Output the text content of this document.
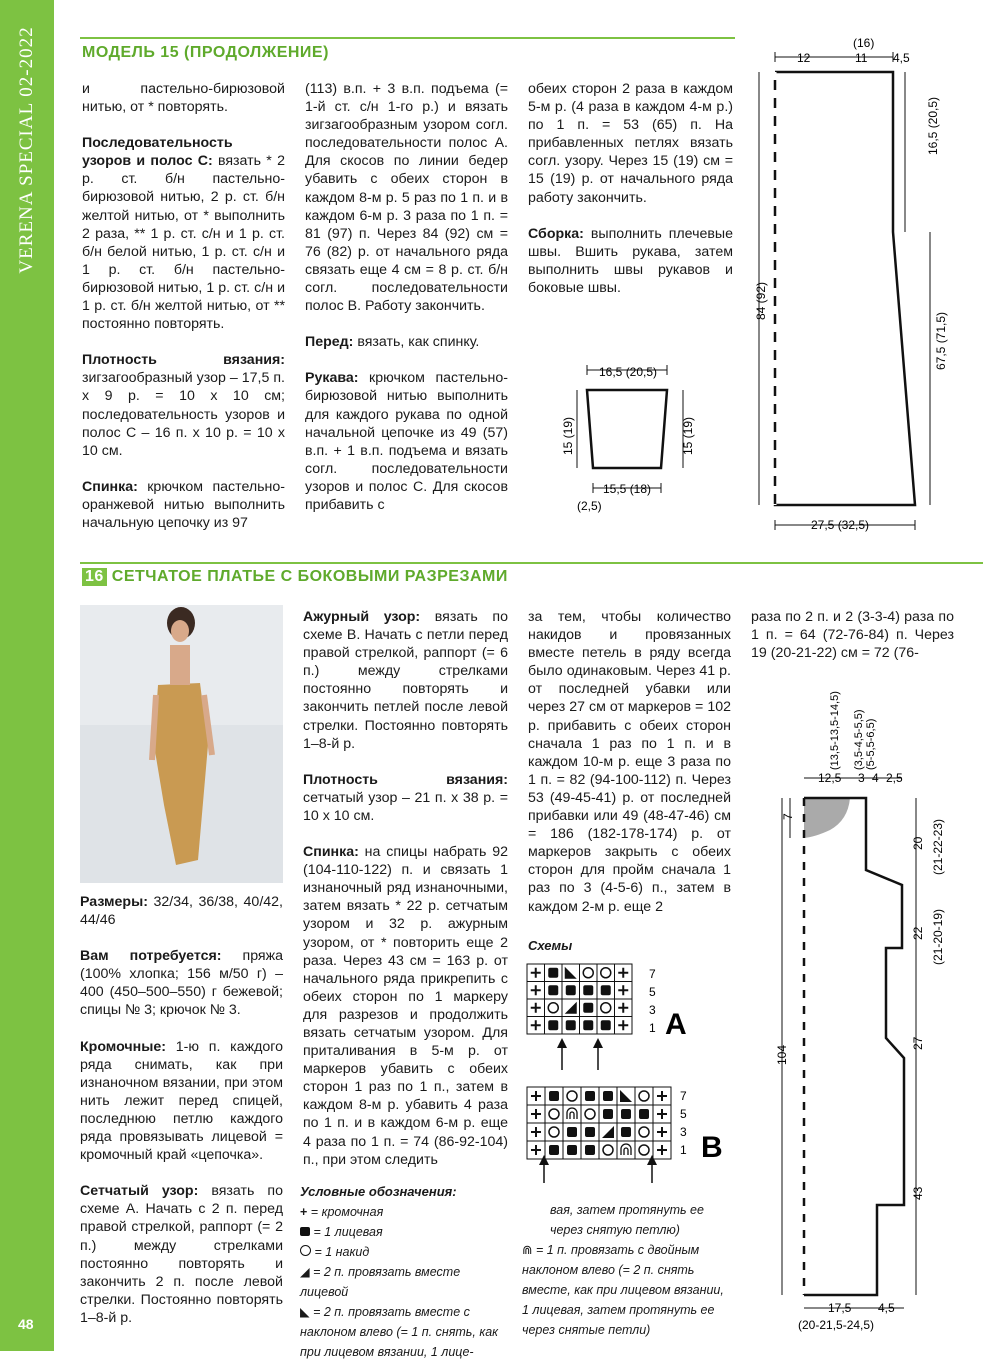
VERENA SPECIAL 02-2022
48
МОДЕЛЬ 15 (ПРОДОЛЖЕНИЕ)

и пастельно-бирюзовой нитью, от * повторять.

Последовательность узоров и полос С: вязать * 2 р. ст. б/н пастельно-бирюзовой нитью, 2 р. ст. б/н желтой нитью, от * выполнить 2 раза, ** 1 р. ст. с/н и 1 р. ст. б/н белой нитью, 1 р. ст. с/н и 1 р. ст. б/н пастельно-бирюзовой нитью, 1 р. ст. с/н и 1 р. ст. б/н желтой нитью, от ** постоянно повторять.

Плотность вязания: зигзагообразный узор – 17,5 п. x 9 р. = 10 x 10 см; последовательность узоров и полос С – 16 п. x 10 р. = 10 x 10 см.

Спинка: крючком пастельно-оранжевой нитью выполнить начальную цепочку из 97

(113) в.п. + 3 в.п. подъема (= 1-й ст. с/н 1-го р.) и вязать зигзагообразным узором согл. последовательности полос А. Для скосов по линии бедер убавить с обеих сторон в каждом 8-м р. 5 раз по 1 п. и в каждом 6-м р. 3 раза по 1 п. = 81 (97) п. Через 84 (92) см = 76 (82) р. от начального ряда связать еще 4 см = 8 р. ст. б/н согл. последовательности полос В. Работу закончить.

Перед: вязать, как спинку.

Рукава: крючком пастельно-бирюзовой нитью выполнить для каждого рукава по одной начальной цепочке из 49 (57) в.п. + 1 в.п. подъема и вязать согл. последовательности узоров и полос С. Для скосов прибавить с

обеих сторон 2 раза в каждом 5-м р. (4 раза в каждом 4-м р.) по 1 п. = 53 (65) п. На прибавленных петлях вязать согл. узору. Через 15 (19) см = 15 (19) р. от начального ряда работу закончить.

Сборка: выполнить плечевые швы. Вшить рукава, затем выполнить швы рукавов и боковые швы.

16,5 (20,5)
15 (19)	15 (19)
15,5 (18)
(2,5)
12	11 4,5
(16)
16,5 (20,5)
84 (92)
67,5 (71,5)
27,5 (32,5)
16 СЕТЧАТОЕ ПЛАТЬЕ С БОКОВЫМИ РАЗРЕЗАМИ

Размеры: 32/34, 36/38, 40/42, 44/46

Вам потребуется: пряжа (100% хлопка; 156 м/50 г) – 400 (450–500–550) г бежевой; спицы № 3; крючок № 3.

Кромочные: 1-ю п. каждого ряда снимать, как при изнаночном вязании, при этом нить лежит перед спицей, последнюю петлю каждого ряда провязывать лицевой = кромочный край «цепочка».

Сетчатый узор: вязать по схеме А. Начать с 2 п. перед правой стрелкой, раппорт (= 2 п.) между стрелками постоянно повторять и закончить 2 п. после левой стрелки. Постоянно повторять 1–8-й р.

Ажурный узор: вязать по схеме В. Начать с петли перед правой стрелкой, раппорт (= 6 п.) между стрелками постоянно повторять и закончить петлей после левой стрелки. Постоянно повторять 1–8-й р.

Плотность вязания: сетчатый узор – 21 п. x 38 р. = 10 x 10 см.

Спинка: на спицы набрать 92 (104-110-122) п. и связать 1 изнаночный ряд изнаночными, затем вязать * 22 р. сетчатым узором и 32 р. ажурным узором, от * повторить еще 2 раза. Через 43 см = 163 р. от начального ряда прикрепить с обеих сторон по 1 маркеру для разрезов и продолжить вязать сетчатым узором. Для приталивания в 5-м р. от маркеров убавить с обеих сторон 1 раз по 1 п., затем в каждом 8-м р. убавить 4 раза по 1 п. и в каждом 6-м р. еще 4 раза по 1 п. = 74 (86-92-104) п., при этом следить

за тем, чтобы количество накидов и провязанных вместе петель в ряду всегда было одинаковым. Через 41 р. от последней убавки или через 27 см от маркеров = 102 р. прибавить с обеих сторон сначала 1 раз по 1 п. и в каждом 10-м р. еще 3 раза по 1 п. = 82 (94-100-112) п. Через 53 (49-45-41) р. от последней прибавки или 49 (48-47-46) см = 186 (182-178-174) р. от маркеров закрыть с обеих сторон для пройм сначала 1 раз по 3 (4-5-6) п., затем в каждом 2-м р. еще 2

раза по 2 п. и 2 (3-3-4) раза по 1 п. = 64 (72-76-84) п. Через 19 (20-21-22) см = 72 (76-
Схемы
7
5
3
1 A
7
5
3
1 B
Условные обозначения:
+ = кромочная
= 1 лицевая
= 1 накид
◢ = 2 п. провязать вместе лицевой
◣ = 2 п. провязать вместе с наклоном влево (= 1 п. снять, как при лицевом вязании, 1 лице-
вая, затем протянуть ее через снятую петлю)
⋒ = 1 п. провязать с двойным наклоном влево (= 2 п. снять вместе, как при лицевом вязании, 1 лицевая, затем протянуть ее через снятые петли)
(13,5-13,5-14,5) (3,5-4,5-5,5) (5-5,5-6,5)
12,5 3 4 2,5
7
104
20 (21-22-23)
22 (21-20-19)
27
43
17,5 4,5
(20-21,5-24,5)
